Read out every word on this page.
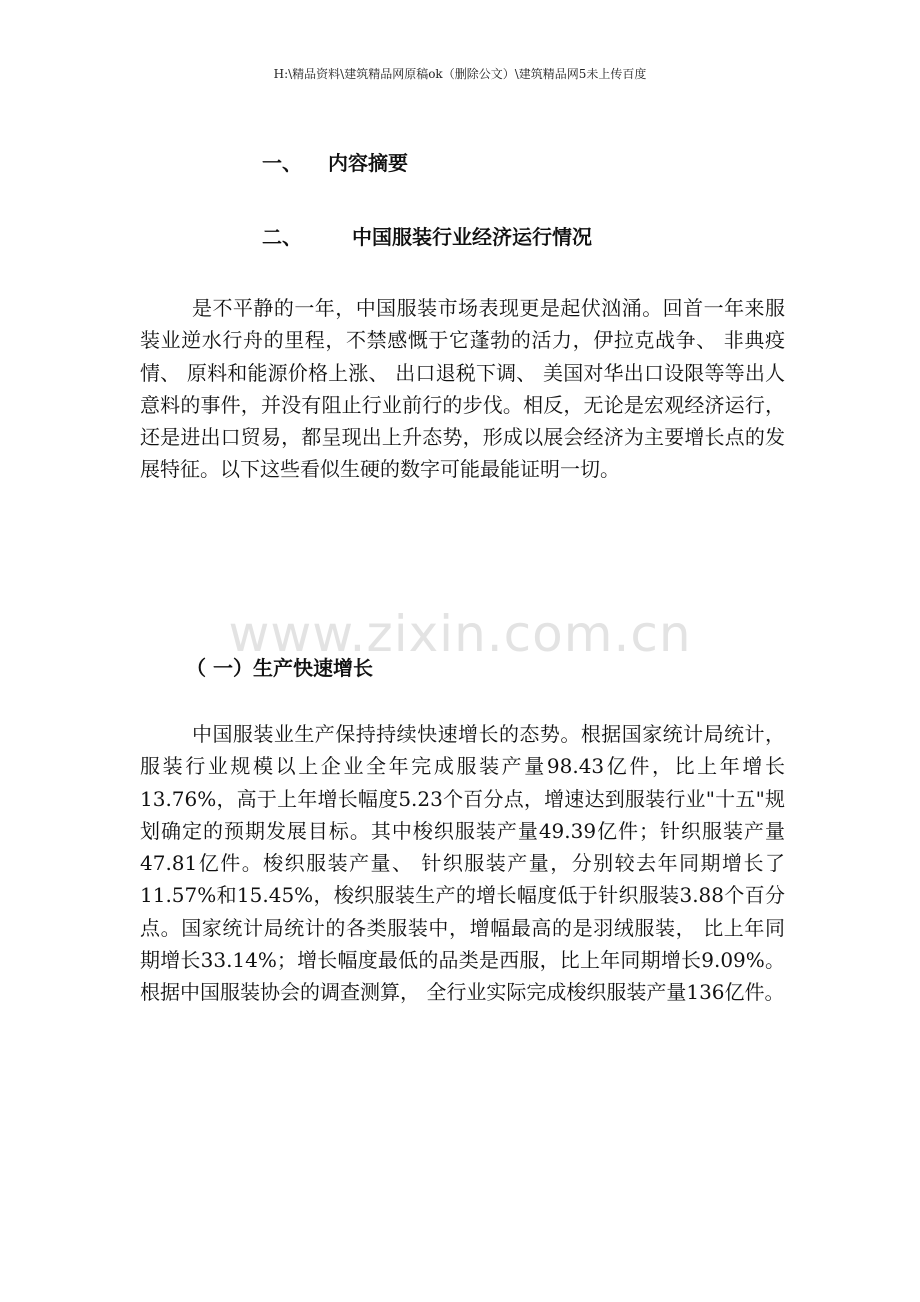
H:\精品资料\建筑精品网原稿ok（删除公文）\建筑精品网5未上传百度
一、 内容摘要
二、	中国服装行业经济运行情况

是不平静的一年，中国服装市场表现更是起伏汹涌。回首一年来服装业逆水行舟的里程，不禁感慨于它蓬勃的活力，伊拉克战争、 非典疫情、 原料和能源价格上涨、 出口退税下调、 美国对华出口设限等等出人意料的事件，并没有阻止行业前行的步伐。相反，无论是宏观经济运行，还是进出口贸易，都呈现出上升态势，形成以展会经济为主要增长点的发展特征。以下这些看似生硬的数字可能最能证明一切。

www.zixin.com.cn
（ 一）生产快速增长

中国服装业生产保持持续快速增长的态势。根据国家统计局统计， 服装行业规模以上企业全年完成服装产量98.43亿件，比上年增长13.76%，高于上年增长幅度5.23个百分点，增速达到服装行业"十五"规划确定的预期发展目标。其中梭织服装产量49.39亿件；针织服装产量47.81亿件。梭织服装产量、 针织服装产量，分别较去年同期增长了11.57%和15.45%，梭织服装生产的增长幅度低于针织服装3.88个百分点。国家统计局统计的各类服装中，增幅最高的是羽绒服装， 比上年同期增长33.14%；增长幅度最低的品类是西服，比上年同期增长9.09%。根据中国服装协会的调查测算， 全行业实际完成梭织服装产量136亿件。
